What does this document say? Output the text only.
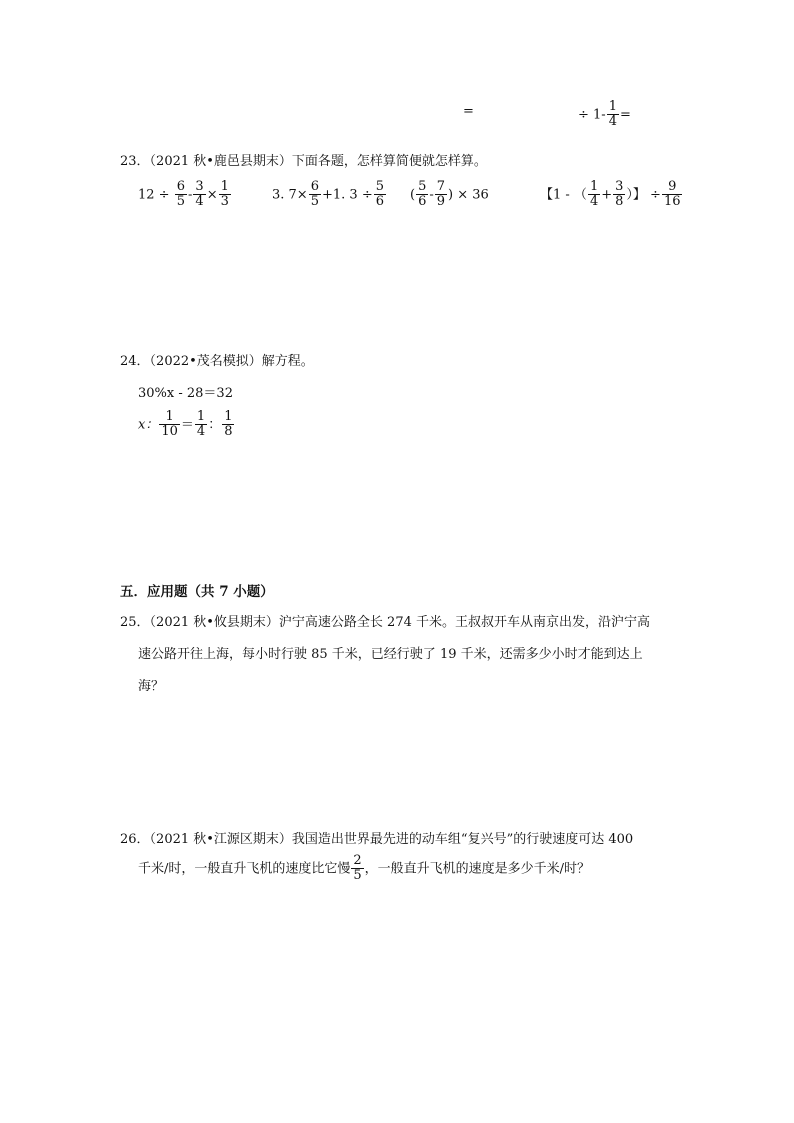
=	÷ $1- \frac{1}{4}$ =
23．（2021 秋•鹿邑县期末）下面各题，怎样算简便就怎样算。
$12 \div \frac{6}{5} - \frac{3}{4} \times \frac{1}{3}$	3. $7\times \frac{6}{5} +1$. $3 \div \frac{5}{6}$ ( $\frac{5}{6} - \frac{7}{9}$ ) × 36	【1 - （ $\frac{1}{4} + \frac{3}{8}$ ）】 ÷ $\frac{9}{16}$
24．（2022•茂名模拟）解方程。
30%x - 28＝32
x： $\frac{1}{10} = \frac{1}{4}$ ： $\frac{1}{8}$
五．应用题（共 7 小题）
25．（2021 秋•攸县期末）沪宁高速公路全长 274 千米。王叔叔开车从南京出发，沿沪宁高
速公路开往上海，每小时行驶 85 千米，已经行驶了 19 千米，还需多少小时才能到达上
海？
26．（2021 秋•江源区期末）我国造出世界最先进的动车组“复兴号”的行驶速度可达 400
千米/时，一般直升飞机的速度比它慢 $\frac{2}{5}$ ，一般直升飞机的速度是多少千米/时？
